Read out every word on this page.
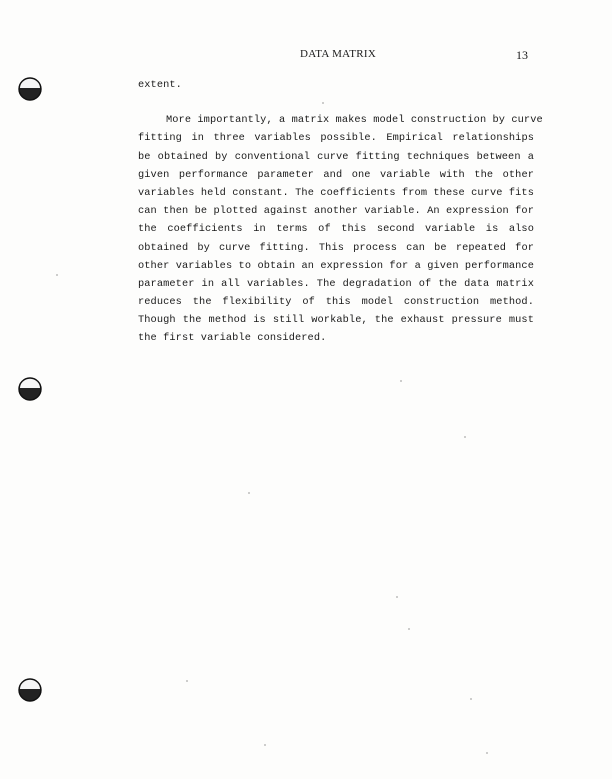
DATA MATRIX	13
extent.
More importantly, a matrix makes model construction by curve
fitting in three variables possible. Empirical relationships
be obtained by conventional curve fitting techniques between a
given performance parameter and one variable with the other
variables held constant. The coefficients from these curve fits
can then be plotted against another variable. An expression for
the coefficients in terms of this second variable is also
obtained by curve fitting. This process can be repeated for
other variables to obtain an expression for a given performance
parameter in all variables. The degradation of the data matrix
reduces the flexibility of this model construction method.
Though the method is still workable, the exhaust pressure must
the first variable considered.
